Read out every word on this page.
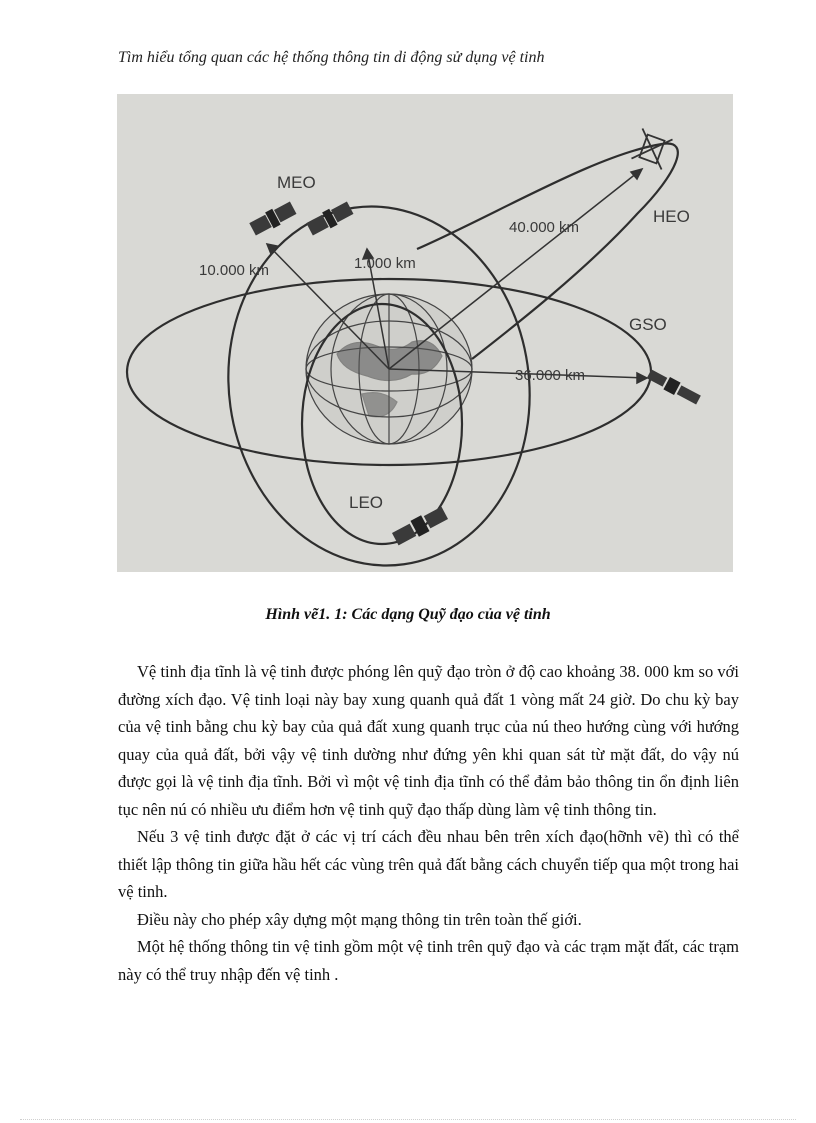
Tìm hiểu tổng quan các hệ thống thông tin di động sử dụng vệ tinh
MEO
HEO
GSO
LEO
10.000 km	1.000 km
40.000 km
36.000 km
Hình vẽ1. 1: Các dạng Quỹ đạo của vệ tinh

Vệ tinh địa tĩnh là vệ tinh được phóng lên quỹ đạo tròn ở độ cao khoảng 38. 000 km so với đường xích đạo. Vệ tinh loại này bay xung quanh quả đất 1 vòng mất 24 giờ. Do chu kỳ bay của vệ tinh bằng chu kỳ bay của quả đất xung quanh trục của nú theo hướng cùng với hướng quay của quả đất, bởi vậy vệ tinh dường như đứng yên khi quan sát từ mặt đất, do vậy nú được gọi là vệ tinh địa tĩnh. Bởi vì một vệ tinh địa tĩnh có thể đảm bảo thông tin ổn định liên tục nên nú có nhiều ưu điểm hơn vệ tinh quỹ đạo thấp dùng làm vệ tinh thông tin.

Nếu 3 vệ tinh được đặt ở các vị trí cách đều nhau bên trên xích đạo(hỡnh vẽ) thì có thể thiết lập thông tin giữa hầu hết các vùng trên quả đất bằng cách chuyển tiếp qua một trong hai vệ tinh.

Điều này cho phép xây dựng một mạng thông tin trên toàn thế giới.

Một hệ thống thông tin vệ tinh gồm một vệ tinh trên quỹ đạo và các trạm mặt đất, các trạm này có thể truy nhập đến vệ tinh .
